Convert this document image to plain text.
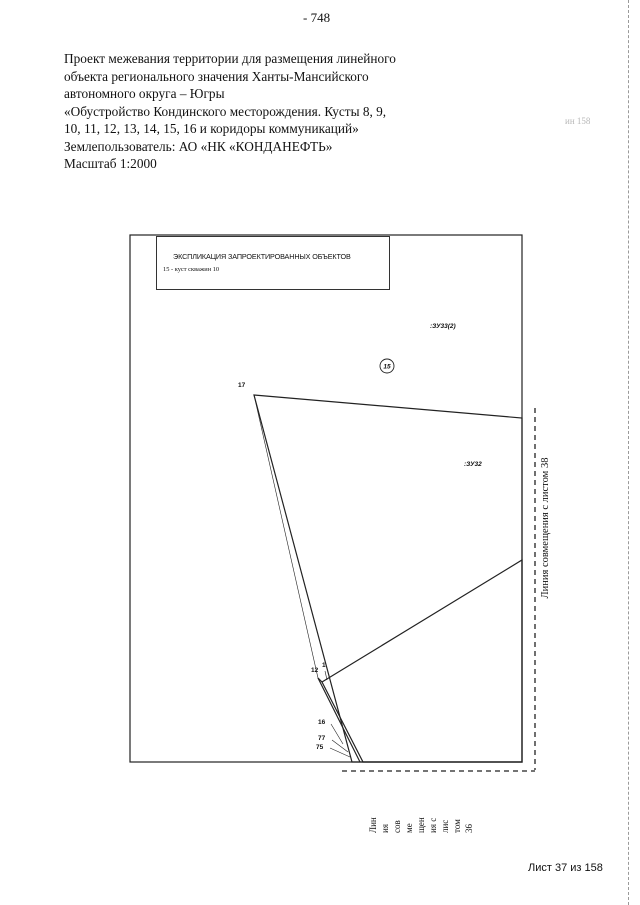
- 748
Проект межевания территории для размещения линейного
объекта регионального значения Ханты-Мансийского
автономного округа – Югры
«Обустройство Кондинского месторождения. Кусты 8, 9,
10, 11, 12, 13, 14, 15, 16 и коридоры коммуникаций»
Землепользователь: АО «НК «КОНДАНЕФТЬ»
Масштаб 1:2000
ин 158
15
:ЗУ33(2)
:ЗУ32
17
1
12
16
77
75
ЭКСПЛИКАЦИЯ ЗАПРОЕКТИРОВАННЫХ ОБЪЕКТОВ
15 - куст скважин 10
Линия совмещения с листом 38
Лин ия сов ме щен ия с лис том 36
Лист 37 из 158
